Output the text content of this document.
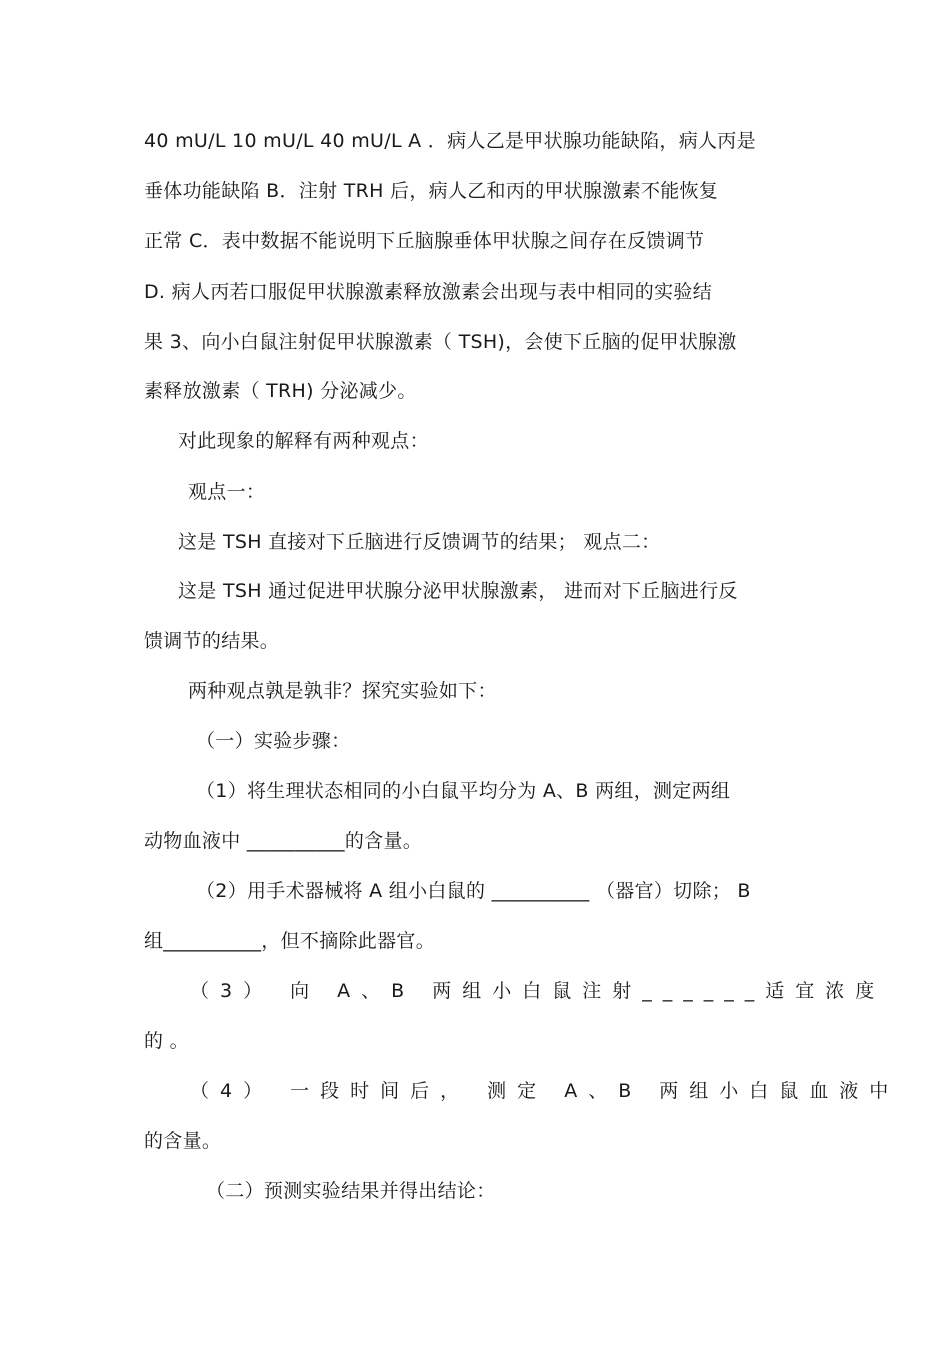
40 mU/L 10 mU/L 40 mU/L A ．病人乙是甲状腺功能缺陷，病人丙是
垂体功能缺陷 B．注射 TRH 后，病人乙和丙的甲状腺激素不能恢复
正常 C．表中数据不能说明下丘脑腺垂体甲状腺之间存在反馈调节
D. 病人丙若口服促甲状腺激素释放激素会出现与表中相同的实验结
果 3、向小白鼠注射促甲状腺激素（ TSH)，会使下丘脑的促甲状腺激
素释放激素（ TRH) 分泌减少。
对此现象的解释有两种观点：
观点一：
这是 TSH 直接对下丘脑进行反馈调节的结果； 观点二：
这是 TSH 通过促进甲状腺分泌甲状腺激素， 进而对下丘脑进行反
馈调节的结果。
两种观点孰是孰非？探究实验如下：
（一）实验步骤：
（1）将生理状态相同的小白鼠平均分为 A、B 两组，测定两组
动物血液中 __________的含量。
（2）用手术器械将 A 组小白鼠的 __________ （器官）切除； B
组__________，但不摘除此器官。
（3） 向 A、B 两组小白鼠注射______适宜浓度
的 。
（4） 一段时间后， 测定 A、B 两组小白鼠血液中
的含量。
（二）预测实验结果并得出结论：
